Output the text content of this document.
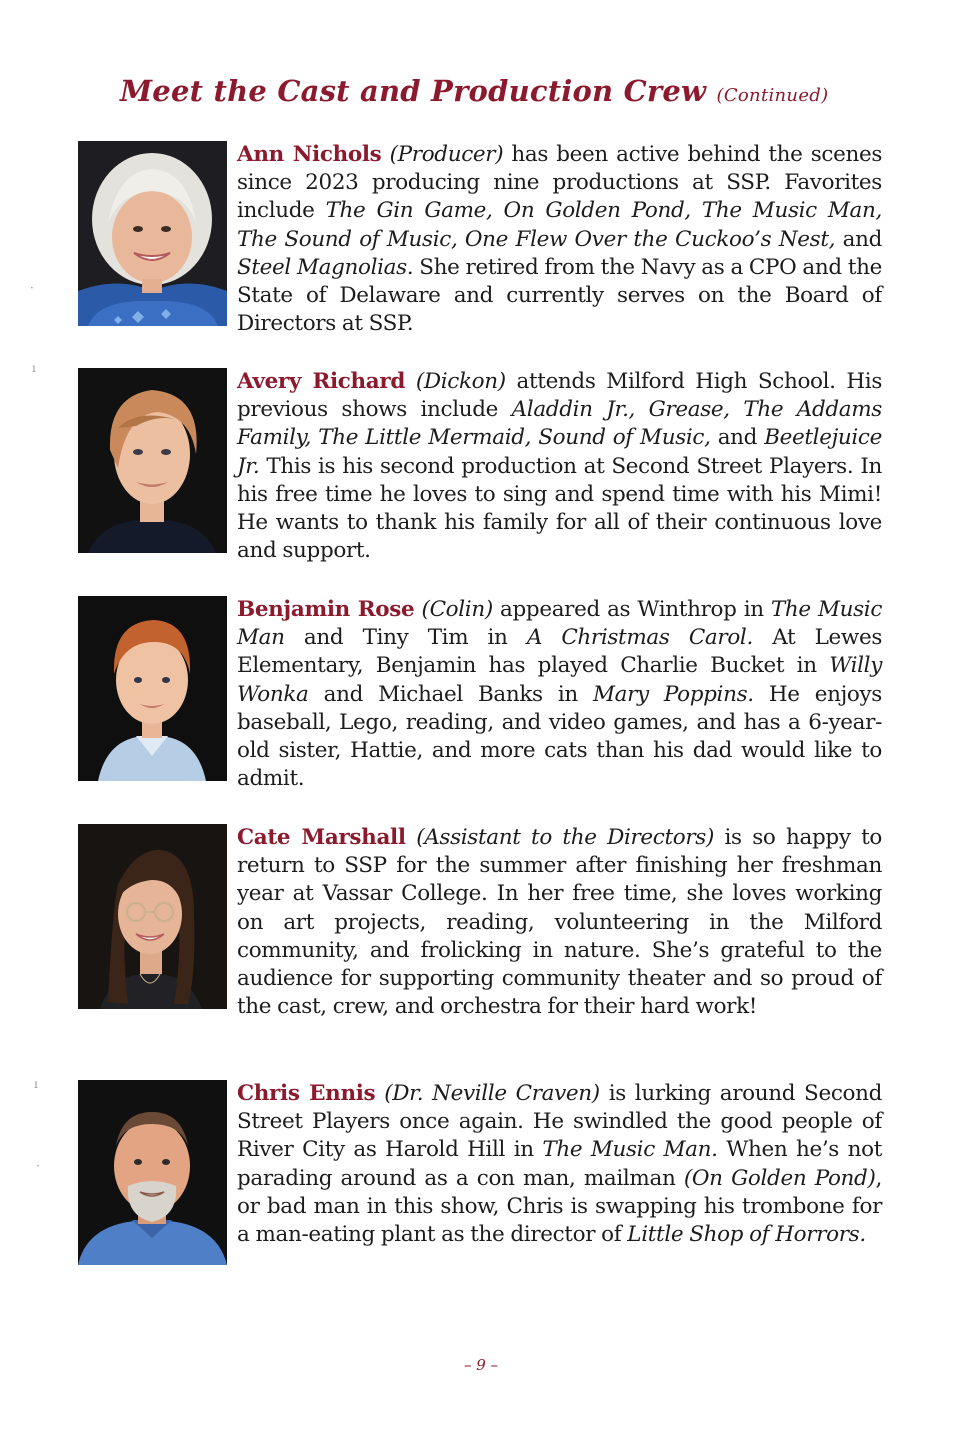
Meet the Cast and Production Crew (Continued)

Ann Nichols (Producer) has been active behind the scenes since 2023 producing nine productions at SSP. Favorites include The Gin Game, On Golden Pond, The Music Man, The Sound of Music, One Flew Over the Cuckoo’s Nest, and Steel Magnolias. She retired from the Navy as a CPO and the State of Delaware and currently serves on the Board of Directors at SSP.

Avery Richard (Dickon) attends Milford High School. His previous shows include Aladdin Jr., Grease, The Addams Family, The Little Mermaid, Sound of Music, and Beetlejuice Jr. This is his second production at Second Street Players. In his free time he loves to sing and spend time with his Mimi! He wants to thank his family for all of their continuous love and support.

Benjamin Rose (Colin) appeared as Winthrop in The Music Man and Tiny Tim in A Christmas Carol. At Lewes Elementary, Benjamin has played Charlie Bucket in Willy Wonka and Michael Banks in Mary Poppins. He enjoys baseball, Lego, reading, and video games, and has a 6-year-old sister, Hattie, and more cats than his dad would like to admit.

Cate Marshall (Assistant to the Directors) is so happy to return to SSP for the summer after finishing her freshman year at Vassar College. In her free time, she loves working on art projects, reading, volunteering in the Milford community, and frolicking in nature. She’s grateful to the audience for supporting community theater and so proud of the cast, crew, and orchestra for their hard work!

Chris Ennis (Dr. Neville Craven) is lurking around Second Street Players once again. He swindled the good people of River City as Harold Hill in The Music Man. When he’s not parading around as a con man, mailman (On Golden Pond), or bad man in this show, Chris is swapping his trombone for a man-eating plant as the director of Little Shop of Horrors.

– 9 –
·
ı
ı
·
